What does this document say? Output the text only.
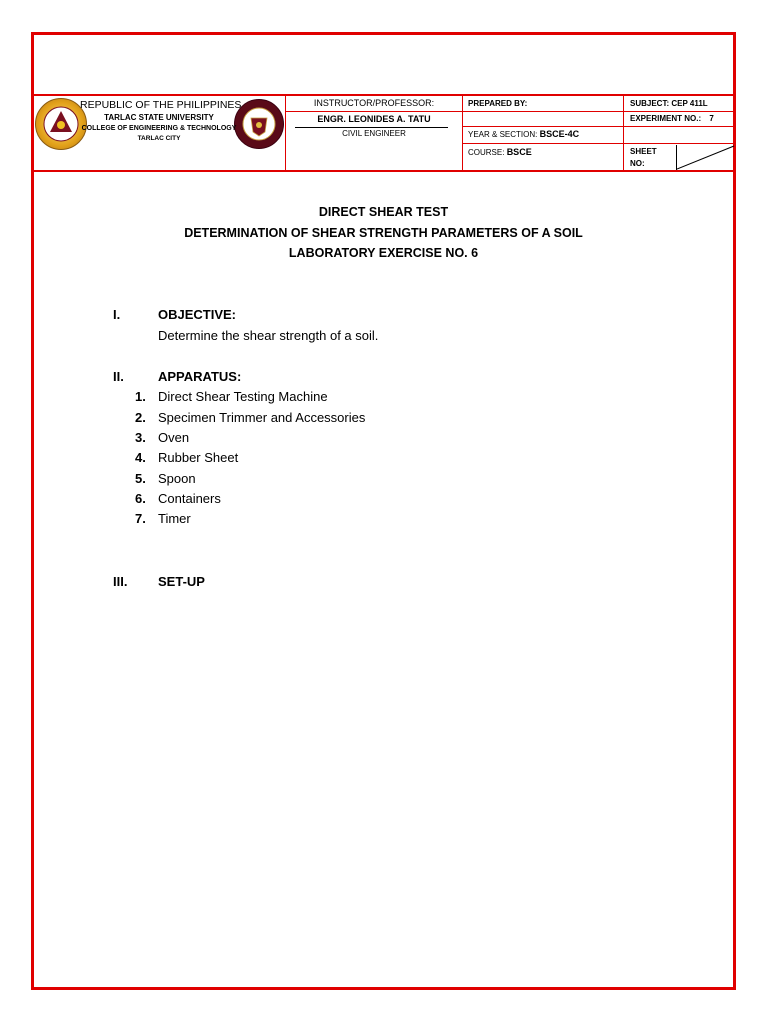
REPUBLIC OF THE PHILIPPINES
TARLAC STATE UNIVERSITY
COLLEGE OF ENGINEERING & TECHNOLOGY
TARLAC CITY
INSTRUCTOR/PROFESSOR:
ENGR. LEONIDES A. TATU
CIVIL ENGINEER
PREPARED BY:
YEAR & SECTION: BSCE-4C
COURSE: BSCE
SUBJECT: CEP 411L
EXPERIMENT NO.: 7
SHEET
NO:
DIRECT SHEAR TEST
DETERMINATION OF SHEAR STRENGTH PARAMETERS OF A SOIL
LABORATORY EXERCISE NO. 6
I.	OBJECTIVE:
Determine the shear strength of a soil.
II.	APPARATUS:
1. Direct Shear Testing Machine
2. Specimen Trimmer and Accessories
3. Oven
4. Rubber Sheet
5. Spoon
6. Containers
7. Timer
III. SET-UP
